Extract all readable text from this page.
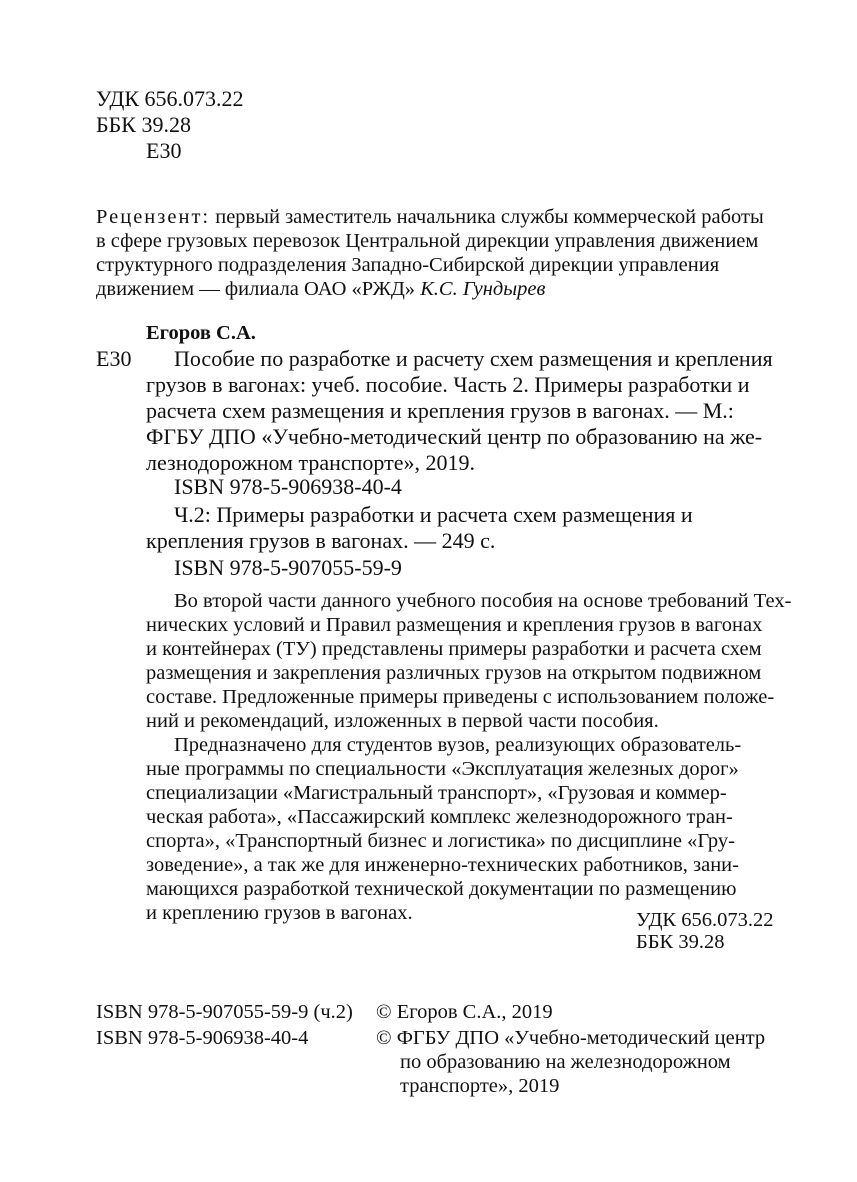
УДК 656.073.22
ББК 39.28
Е30
Рецензент: первый заместитель начальника службы коммерческой работы
в сфере грузовых перевозок Центральной дирекции управления движением
структурного подразделения Западно-Сибирской дирекции управления
движением — филиала ОАО «РЖД» К.С. Гундырев
Егоров С.А.
Е30 Пособие по разработке и расчету схем размещения и крепления
грузов в вагонах: учеб. пособие. Часть 2. Примеры разработки и
расчета схем размещения и крепления грузов в вагонах. — М.:
ФГБУ ДПО «Учебно-методический центр по образованию на же-
лезнодорожном транспорте», 2019.
ISBN 978-5-906938-40-4
Ч.2: Примеры разработки и расчета схем размещения и
крепления грузов в вагонах. — 249 с.
ISBN 978-5-907055-59-9
Во второй части данного учебного пособия на основе требований Тех-
нических условий и Правил размещения и крепления грузов в вагонах
и контейнерах (ТУ) представлены примеры разработки и расчета схем
размещения и закрепления различных грузов на открытом подвижном
составе. Предложенные примеры приведены с использованием положе-
ний и рекомендаций, изложенных в первой части пособия.
Предназначено для студентов вузов, реализующих образователь-
ные программы по специальности «Эксплуатация железных дорог»
специализации «Магистральный транспорт», «Грузовая и коммер-
ческая работа», «Пассажирский комплекс железнодорожного тран-
спорта», «Транспортный бизнес и логистика» по дисциплине «Гру-
зоведение», а так же для инженерно-технических работников, зани-
мающихся разработкой технической документации по размещению
и креплению грузов в вагонах.	УДК 656.073.22
ББК 39.28
ISBN 978-5-907055-59-9 (ч.2)
ISBN 978-5-906938-40-4
© Егоров С.А., 2019
© ФГБУ ДПО «Учебно-методический центр
по образованию на железнодорожном
транспорте», 2019
